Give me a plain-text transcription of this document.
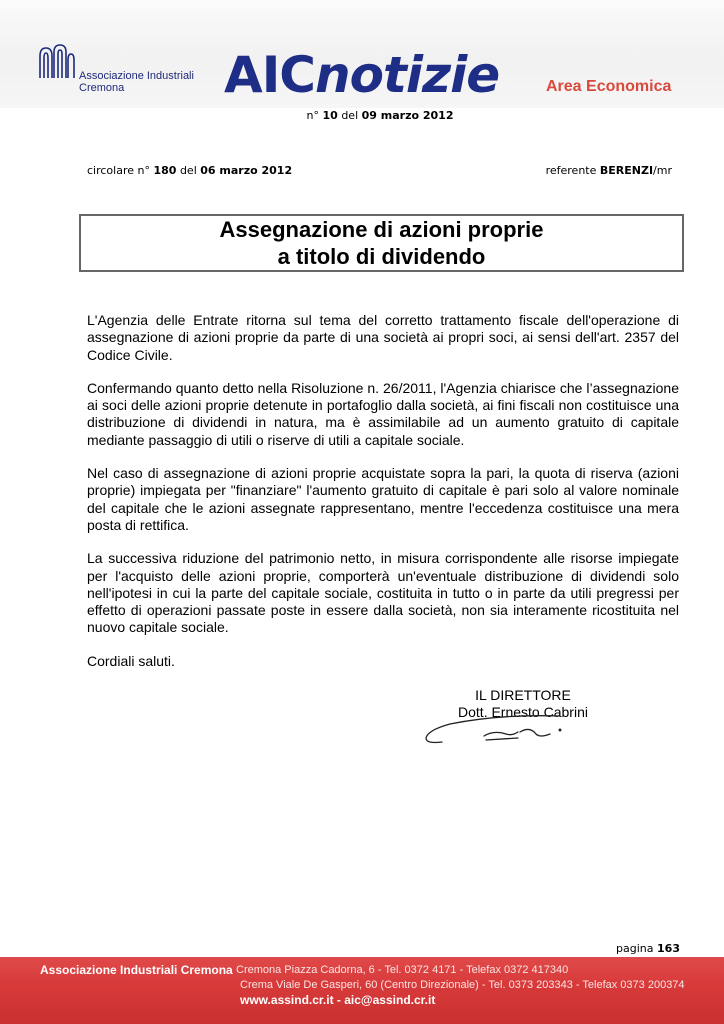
Associazione Industriali
Cremona	AICnotizie	Area Economica
n° 10 del 09 marzo 2012
circolare n° 180 del 06 marzo 2012	referente BERENZI/mr
Assegnazione di azioni proprie
a titolo di dividendo

L'Agenzia delle Entrate ritorna sul tema del corretto trattamento fiscale dell'operazione di assegnazione di azioni proprie da parte di una società ai propri soci, ai sensi dell'art. 2357 del Codice Civile.

Confermando quanto detto nella Risoluzione n. 26/2011, l'Agenzia chiarisce che l’assegnazione ai soci delle azioni proprie detenute in portafoglio dalla società, ai fini fiscali non costituisce una distribuzione di dividendi in natura, ma è assimilabile ad un aumento gratuito di capitale mediante passaggio di utili o riserve di utili a capitale sociale.

Nel caso di assegnazione di azioni proprie acquistate sopra la pari, la quota di riserva (azioni proprie) impiegata per "finanziare" l'aumento gratuito di capitale è pari solo al valore nominale del capitale che le azioni assegnate rappresentano, mentre l'eccedenza costituisce una mera posta di rettifica.

La successiva riduzione del patrimonio netto, in misura corrispondente alle risorse impiegate per l'acquisto delle azioni proprie, comporterà un'eventuale distribuzione di dividendi solo nell'ipotesi in cui la parte del capitale sociale, costituita in tutto o in parte da utili pregressi per effetto di operazioni passate poste in essere dalla società, non sia interamente ricostituita nel nuovo capitale sociale.

Cordiali saluti.

IL DIRETTORE
Dott. Ernesto Cabrini
pagina 163
Associazione Industriali Cremona Cremona Piazza Cadorna, 6 - Tel. 0372 4171 - Telefax 0372 417340
Crema Viale De Gasperi, 60 (Centro Direzionale) - Tel. 0373 203343 - Telefax 0373 200374
www.assind.cr.it - aic@assind.cr.it
